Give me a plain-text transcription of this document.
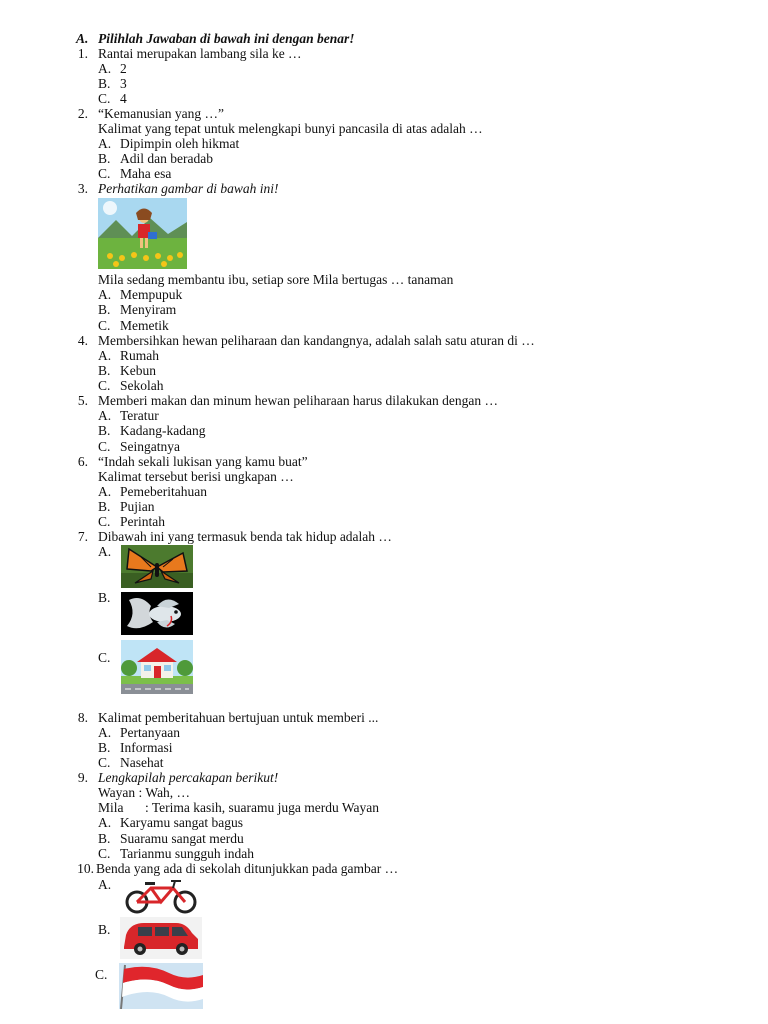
A. Pilihlah Jawaban di bawah ini dengan benar!
1. Rantai merupakan lambang sila ke …
A. 2
B. 3
C. 4
2. “Kemanusian yang …”
Kalimat yang tepat untuk melengkapi bunyi pancasila di atas adalah …
A. Dipimpin oleh hikmat
B. Adil dan beradab
C. Maha esa
3. Perhatikan gambar di bawah ini!
Mila sedang membantu ibu, setiap sore Mila bertugas … tanaman
A. Mempupuk
B. Menyiram
C. Memetik
4. Membersihkan hewan peliharaan dan kandangnya, adalah salah satu aturan di …
A. Rumah
B. Kebun
C. Sekolah
5. Memberi makan dan minum hewan peliharaan harus dilakukan dengan …
A. Teratur
B. Kadang-kadang
C. Seingatnya
6. “Indah sekali lukisan yang kamu buat”
Kalimat tersebut berisi ungkapan …
A. Pemeberitahuan
B. Pujian
C. Perintah
7. Dibawah ini yang termasuk benda tak hidup adalah …
A.
B.
C.
8. Kalimat pemberitahuan bertujuan untuk memberi ...
A. Pertanyaan
B. Informasi
C. Nasehat
9. Lengkapilah percakapan berikut!
Wayan : Wah, …
Mila : Terima kasih, suaramu juga merdu Wayan
A. Karyamu sangat bagus
B. Suaramu sangat merdu
C. Tarianmu sungguh indah
10. Benda yang ada di sekolah ditunjukkan pada gambar …
A.
B.
C.
